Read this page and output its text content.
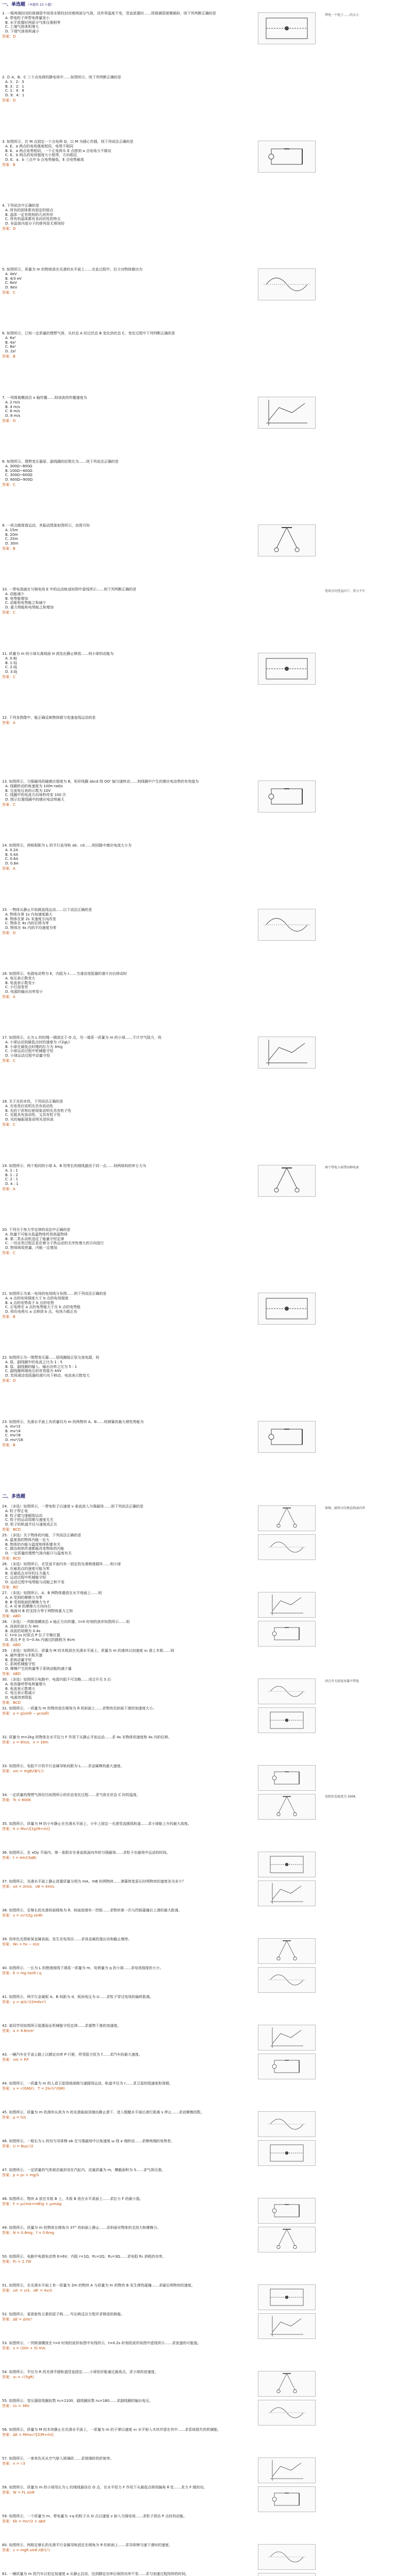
一、单选题 （本题共 23 小题）
二、多选题
1. 一根两端封闭的玻璃管中间用水银柱封闭着两部分气体，设外界温度不变，竖直放置时……将玻璃管缓慢倾斜，则下列判断正确的是
A. 带电粒子所带电荷量变小
B. 水平放置时两部分气体压强相等
C. 上端气体体积增大
D. 下端气体体积减小
答案：D
带电一个电子……的大小
2. 在 A、B、C 三个点电荷的静电场中……如图所示，则下列判断正确的是
A. 1：2：3
B. 3：2：1
C. 1：4：9
D. 9：4：1
答案：D
3. 如图所示，在 M 点固定一个点电荷 Q，以 M 为圆心作圆，则下列说法正确的是
A. E、a 两点的电场强度相同，电势不相同
B. E、a 两点电势相同，一个正电荷从 E 点移到 a 点电场力不做功
C. E、b 两点的电场强度大小相等，方向相反
D. E、a、b 三点中 b 点电势最低，E 点电势最高
答案：B
4. 下列说法中正确的是
A. 所有的固体都有固定的熔点
B. 晶体一定有规则的几何外形
C. 所有的晶体都有各向异性的特点
D. 非晶体内部分子的排列是无规则的
答案：D
5. 如图所示，质量为 m 的物体放在光滑的水平面上……在此过程中，拉力对物体做功为
A. 4eV
B. 4/3 eV
C. 6eV
D. 8eV
答案：C
6. 如图所示，已知一定质量的理想气体，从状态 A 经过状态 B 变化到状态 C，变化过程中下列判断正确的是
A. 6a²
B. 4a²
C. 8a²
D. 2a²
答案：B
7. 一列简谐横波沿 x 轴传播……则该波的传播速度为
A. 2 m/s
B. 4 m/s
C. 6 m/s
D. 8 m/s
答案：D
8. 如图所示，理想变压器原、副线圈的匝数比为……则下列说法正确的是
A. 300Ω~800Ω
B. 100Ω~400Ω
C. 300Ω~600Ω
D. 600Ω~900Ω
答案：C
9. 一质点做简谐运动，其振动图象如图所示，由图可知
A. 15m
B. 20m
C. 25m
D. 30m
答案：B
10. 一带电油滴在匀强电场 E 中的运动轨迹如图中虚线所示……则下列判断正确的是
A. 动能减少
B. 电势能增加
C. 动能和电势能之和减少
D. 重力势能和电势能之和增加
答案：C
电场方向竖直向下，重力不计
11. 质量为 m 的小球从离地面 H 高处由静止释放……则小球的动能为
A. 0.8J
B. 1.5J
C. 2.0J
D. 3.0J
答案：C
12. 下列各图像中，能正确反映物体做匀变速直线运动的是
答案：A
13. 如图所示，匀强磁场的磁感应强度为 B，矩形线圈 abcd 绕 OO' 轴匀速转动……则线圈中产生的感应电动势的有效值为
A. 线圈转动的角速度为 100π rad/s
B. 交流电压表的示数为 10V
C. 线圈中的电流方向每秒改变 100 次
D. 图示位置线圈中的感应电动势最大
答案：C
14. 如图所示，两根相距为 L 的平行直导轨 ab、cd……则回路中感应电流大小为
A. 0.2A
B. 0.4A
C. 0.6A
D. 0.8A
答案：A
15. 一物体从静止开始做直线运动……以下说法正确的是
A. 物体在第 1s 内加速度最大
B. 物体在第 2s 末速度方向改变
C. 物体在 4s 内的位移为零
D. 物体在 4s 内的平均速度为零
答案：D
16. 如图所示，电源电动势为 E，内阻为 r……当滑动变阻器的滑片向右移动时
A. 电压表示数变大
B. 电流表示数变小
C. 小灯泡变亮
D. 电源的输出功率变小
答案：A
17. 如图所示，长为 L 的轻绳一端固定于 O 点，另一端系一质量为 m 的小球……不计空气阻力，则
A. 小球运动到最低点时的速度为 √(2gL)
B. 小球在最低点时绳的拉力为 3mg
C. 小球运动过程中机械能守恒
D. 小球运动过程中动量守恒
答案：C
18. 关于光的本性，下列说法正确的是
A. 光电效应说明光具有波动性
B. 光的干涉和衍射现象说明光具有粒子性
C. 光既具有波动性，又具有粒子性
D. 光的偏振现象说明光是纵波
答案：C
19. 如图所示，两个相同的小球 A、B 用等长的细线悬挂于同一点……则两球间的库仑力为
A. 1 : 1
B. 1 : 2
C. 2 : 1
D. 4 : 1
答案：A
两个带电小球带同种电荷
20. 下列关于热力学定律的说法中正确的是
A. 热量不可能从低温物体传到高温物体
B. 第二类永动机违反了能量守恒定律
C. 一切自然过程总是沿着分子热运动的无序性增大的方向进行
D. 物体吸收热量，内能一定增加
答案：C
21. 如图所示为某一电场的电场线分布图……则下列说法正确的是
A. a 点的电场强度大于 b 点的电场强度
B. a 点的电势高于 b 点的电势
C. 正电荷在 a 点的电势能大于在 b 点的电势能
D. 将负电荷从 a 点移到 b 点，电场力做正功
答案：B
22. 如图所示为一理想变压器……原线圈接正弦交流电源，则
A. 原、副线圈中的电流之比为 1 : 5
B. 原、副线圈的输入、输出功率之比为 5 : 1
C. 副线圈两端电压的有效值为 44V
D. 若将滑动变阻器的滑片向下移动，电流表示数变大
答案：D
23. 如图所示，光滑水平面上有质量均为 m 的两物块 A、B……则弹簧的最大弹性势能为
A. mv²/2
B. mv²/4
C. mv²/8
D. mv²/16
答案：B
24. （多选）如图所示，一带电粒子以速度 v 垂直进入匀强磁场……则下列说法正确的是
A. 粒子带正电
B. 粒子做匀速圆周运动
C. 粒子的运动周期与速度无关
D. 粒子的轨道半径与速度成正比
答案：BCD
如图，磁场方向垂直纸面向里
25. （多选）关于物体的内能，下列说法正确的是
A. 温度高的物体内能一定大
B. 物体的内能与温度和体积都有关
C. 做功和热传递都能改变物体的内能
D. 一定质量的理想气体内能只与温度有关
答案：BCD
26. （多选）如图所示，在竖直平面内有一固定的光滑绝缘圆环……则小球
A. 在最高点的速度可能为零
B. 在最低点对环的压力最大
C. 运动过程中机械能守恒
D. 运动过程中电势能与动能之和不变
答案：BD
27. （多选）如图所示，A、B 两物体叠放在水平地面上……则
A. A 受到的摩擦力为零
B. B 受到地面的摩擦力为 F
C. A 对 B 的摩擦力方向向右
D. 地面对 B 的支持力等于两物体重力之和
答案：ABD
28. （多选）一列简谐横波沿 x 轴正方向传播，t=0 时刻的波形如图所示……则
A. 该波的波长为 4m
B. 该波的周期为 0.4s
C. t=0.1s 时质点 P 位于平衡位置
D. 质点 P 在 0~0.4s 内通过的路程为 8cm
答案：ABD
29. （多选）如图所示，质量为 M 的木板放在光滑水平面上，质量为 m 的滑块以初速度 v₀ 滑上木板……则
A. 最终滑块与木板共速
B. 系统动量守恒
C. 系统机械能守恒
D. 摩擦产生的热量等于系统动能的减少量
答案：ABD
30. （多选）如图所示电路中，电源内阻不可忽略……闭合开关 S 后
A. 电容器所带电荷量增大
B. 电流表示数增大
C. 电压表示数减小
D. 电源效率降低
答案：BCD
闭合开关前电容器不带电
31. 如图所示，一质量为 m 的物块放在倾角为 θ 的斜面上……求物块沿斜面下滑的加速度大小。
答案：a = g(sinθ − μcosθ)
32. 质量为 m=2kg 的物体在水平拉力 F 作用下从静止开始运动……求 4s 末物体的速度和 4s 内的位移。
答案：v = 8m/s，x = 16m
33. 如图所示，电阻不计的平行金属导轨间距为 L……求金属棒的最大速度。
答案：vm = mgR/(B²L²)
34. 一定质量的理想气体经历如图所示的状态变化过程……求气体在状态 C 时的温度。
答案：Tc = 600K
初始状态温度为 300K
35. 如图所示，质量为 M 的小车静止在光滑水平面上，小车上固定一光滑竖直圆弧轨道……求小球能上升的最大高度。
答案：h = Mv₀²/[2g(M+m)]
36. 如图所示，在 xOy 平面内，第一象限存在垂直纸面向外的匀强磁场……求粒子在磁场中运动的时间。
答案：t = πm/(3qB)
37. 如图所示，光滑水平面上静止放置质量分别为 mA、mB 的两物块……弹簧恢复原长时两物块的速度各为多少？
答案：vA = 2m/s，vB = 4m/s
38. 如图所示，足够长的光滑斜面倾角为 θ，斜面底端有一挡板……求物块第一次与挡板碰撞后上滑的最大距离。
答案：x = v₀²/(2g sinθ)
39. 用单色光照射某金属表面，发生光电效应……求该金属的逸出功和截止频率。
答案：W₀ = hν − eUc
40. 如图所示，一长为 L 的绝缘细线下端系一质量为 m、电荷量为 q 的小球……求电场强度的大小。
答案：E = mg tanθ / q
41. 如图所示，两平行金属板 A、B 间距为 d，板间电压为 U……求粒子穿过电场的偏转距离。
答案：y = qUL²/(2mdv₀²)
42. 某同学用如图所示装置验证机械能守恒定律……求重物下落的加速度。
答案：a = 9.6m/s²
43. 一辆汽车在平直公路上以额定功率 P 行驶，所受阻力恒为 f……求汽车的最大速度。
答案：vm = P/f
44. 如图所示，一质量为 m 的人造卫星绕地球做匀速圆周运动，轨道半径为 r……求卫星的线速度和周期。
答案：v = √(GM/r)，T = 2π√(r³/GM)
45. 如图所示，质量为 m 的滑块从高为 h 的光滑曲面顶端由静止滑下，进入粗糙水平面后滑行距离 s 停止……求动摩擦因数。
答案：μ = h/s
46. 如图所示，一根长为 L 的均匀导体棒 ab 在匀强磁场中以角速度 ω 绕 a 端转动……求棒两端的电势差。
答案：U = BωL²/2
47. 如图所示，一定质量的气体被活塞封闭在汽缸内，活塞质量为 m，横截面积为 S……求气体压强。
答案：p = p₀ + mg/S
48. 如图所示，物块 A 放在木板 B 上，木板 B 放在水平桌面上……求拉力 F 的最小值。
答案：F = μ₁(mA+mB)g + μ₂mAg
49. 如图所示，质量为 m 的物体在倾角为 37° 的斜面上静止……求斜面对物体的支持力和摩擦力。
答案：N = 0.8mg，f = 0.6mg
50. 如图所示，电路中电源电动势 E=6V，内阻 r=1Ω，R₁=2Ω，R₂=3Ω……求电阻 R₂ 消耗的功率。
答案：P₂ = 2.7W
51. 如图所示，在光滑水平面上有一质量为 2m 的物块 A 与质量为 m 的物块 B 发生弹性碰撞……求碰后两物块的速度。
答案：vA' = v/3，vB' = 4v/3
52. 如图所示，某放射性元素的原子核……写出核反应方程并求释放的核能。
答案：ΔE = Δmc²
53. 如图所示，一列简谐横波在 t=0 时刻的波形如图中实线所示，t=0.2s 时刻的波形如图中虚线所示……求波速的可能值。
答案：v = (20n + 5) m/s
54. 如图所示，半径为 R 的光滑半圆轨道竖直固定……小球恰好能通过最高点，求小球的初速度。
答案：v₀ = √(5gR)
55. 如图所示，变压器原线圈匝数 n₁=1100，副线圈匝数 n₂=180……求副线圈的输出电压。
答案：U₂ = 36V
56. 如图所示，质量为 M 的木块静止在光滑水平面上，一质量为 m 的子弹以速度 v₀ 水平射入木块并留在其中……求系统损失的机械能。
答案：ΔE = Mmv₀²/[2(M+m)]
57. 如图所示，一束单色光从空气射入玻璃砖……求玻璃砖的折射率。
答案：n = √3
58. 如图所示，质量为 m 的小球用长为 L 的细线悬挂在 O 点，在水平恒力 F 作用下从最低点移到偏角 θ 处……求力 F 做的功。
答案：W = FL sinθ
59. 如图所示，一个质量为 m、带电量为 +q 的粒子从 O 点以速度 v 射入匀强电场……求粒子到达 P 点时的动能。
答案：Ek = mv²/2 + qEd
60. 如图所示，两根足够长的光滑平行金属导轨固定在倾角为 θ 的斜面上……求导体棒匀速下滑时的速度。
答案：v = mgR sinθ /(B²L²)
61. 一辆质量为 m 的汽车以恒定加速度 a 从静止启动，达到额定功率后保持功率不变……求匀加速过程持续的时间。
